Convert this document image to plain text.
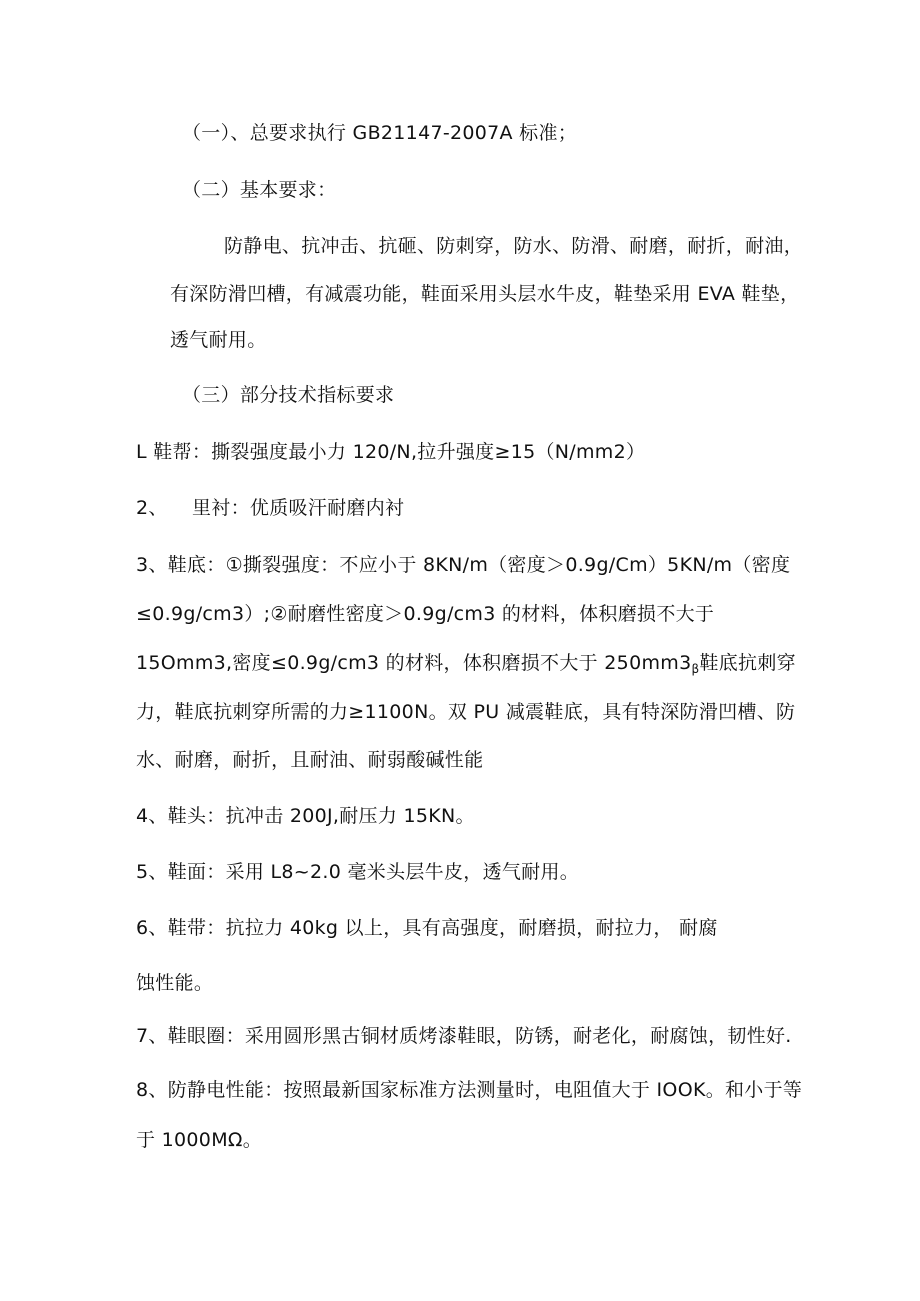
（一）、总要求执行 GB21147-2007A 标准；
（二）基本要求：
防静电、抗冲击、抗砸、防刺穿，防水、防滑、耐磨，耐折，耐油，
有深防滑凹槽，有减震功能，鞋面采用头层水牛皮，鞋垫采用 EVA 鞋垫，
透气耐用。
（三）部分技术指标要求
L 鞋帮：撕裂强度最小力 120/N,拉升强度≥15（N/mm2）
2、 里衬：优质吸汗耐磨内衬
3、鞋底：①撕裂强度：不应小于 8KN/m（密度＞0.9g/Cm）5KN/m（密度
≤0.9g/cm3）;②耐磨性密度＞0.9g/cm3 的材料，体积磨损不大于
15Omm3,密度≤0.9g/cm3 的材料，体积磨损不大于 $250mm3_\beta$鞋底抗刺穿
力，鞋底抗刺穿所需的力≥1100N。双 PU 减震鞋底，具有特深防滑凹槽、防
水、耐磨，耐折，且耐油、耐弱酸碱性能
4、鞋头：抗冲击 200J,耐压力 15KN。
5、鞋面：采用 L8~2.0 毫米头层牛皮，透气耐用。
6、鞋带：抗拉力 40kg 以上，具有高强度，耐磨损，耐拉力， 耐腐
蚀性能。
7、鞋眼圈：采用圆形黑古铜材质烤漆鞋眼，防锈，耐老化，耐腐蚀，韧性好.
8、防静电性能：按照最新国家标准方法测量时，电阻值大于 IOOK。和小于等
于 1000MΩ。
